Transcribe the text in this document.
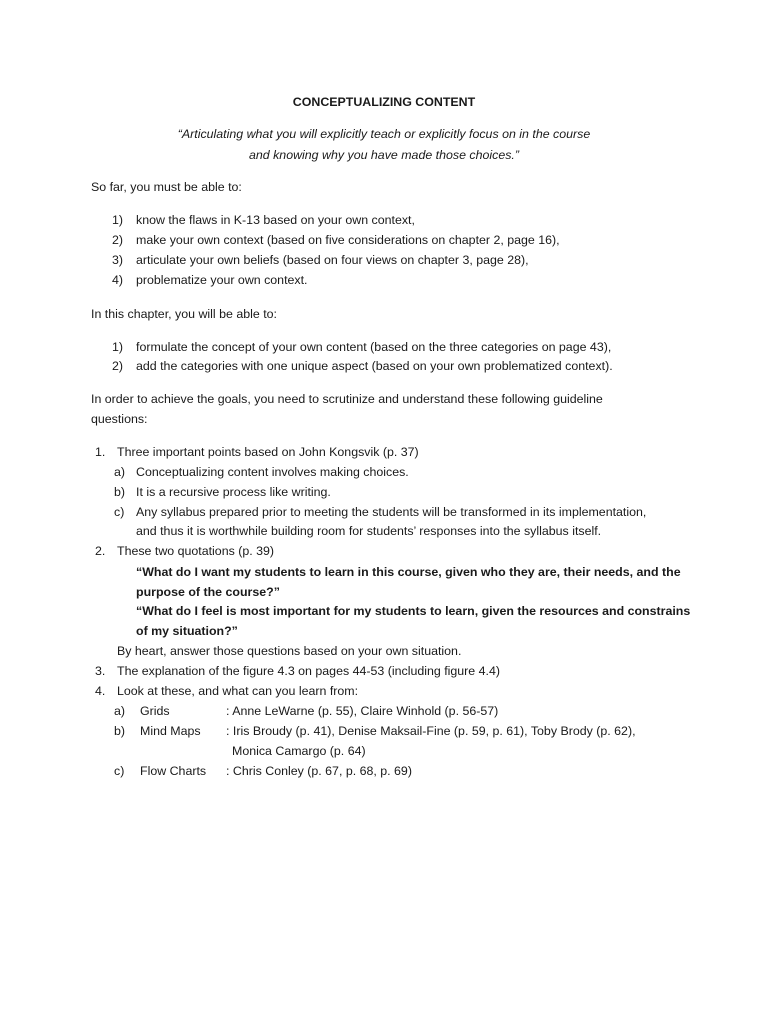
CONCEPTUALIZING CONTENT
“Articulating what you will explicitly teach or explicitly focus on in the course
and knowing why you have made those choices.”
So far, you must be able to:
1) know the flaws in K-13 based on your own context,
2) make your own context (based on five considerations on chapter 2, page 16),
3) articulate your own beliefs (based on four views on chapter 3, page 28),
4) problematize your own context.
In this chapter, you will be able to:
1) formulate the concept of your own content (based on the three categories on page 43),
2) add the categories with one unique aspect (based on your own problematized context).
In order to achieve the goals, you need to scrutinize and understand these following guideline
questions:
1. Three important points based on John Kongsvik (p. 37)
a) Conceptualizing content involves making choices.
b) It is a recursive process like writing.
c) Any syllabus prepared prior to meeting the students will be transformed in its implementation,
and thus it is worthwhile building room for students’ responses into the syllabus itself.
2. These two quotations (p. 39)
“What do I want my students to learn in this course, given who they are, their needs, and the
purpose of the course?”
“What do I feel is most important for my students to learn, given the resources and constrains
of my situation?”
By heart, answer those questions based on your own situation.
3. The explanation of the figure 4.3 on pages 44-53 (including figure 4.4)
4. Look at these, and what can you learn from:
a) Grids	: Anne LeWarne (p. 55), Claire Winhold (p. 56-57)
b) Mind Maps : Iris Broudy (p. 41), Denise Maksail-Fine (p. 59, p. 61), Toby Brody (p. 62),
Monica Camargo (p. 64)
c) Flow Charts : Chris Conley (p. 67, p. 68, p. 69)
